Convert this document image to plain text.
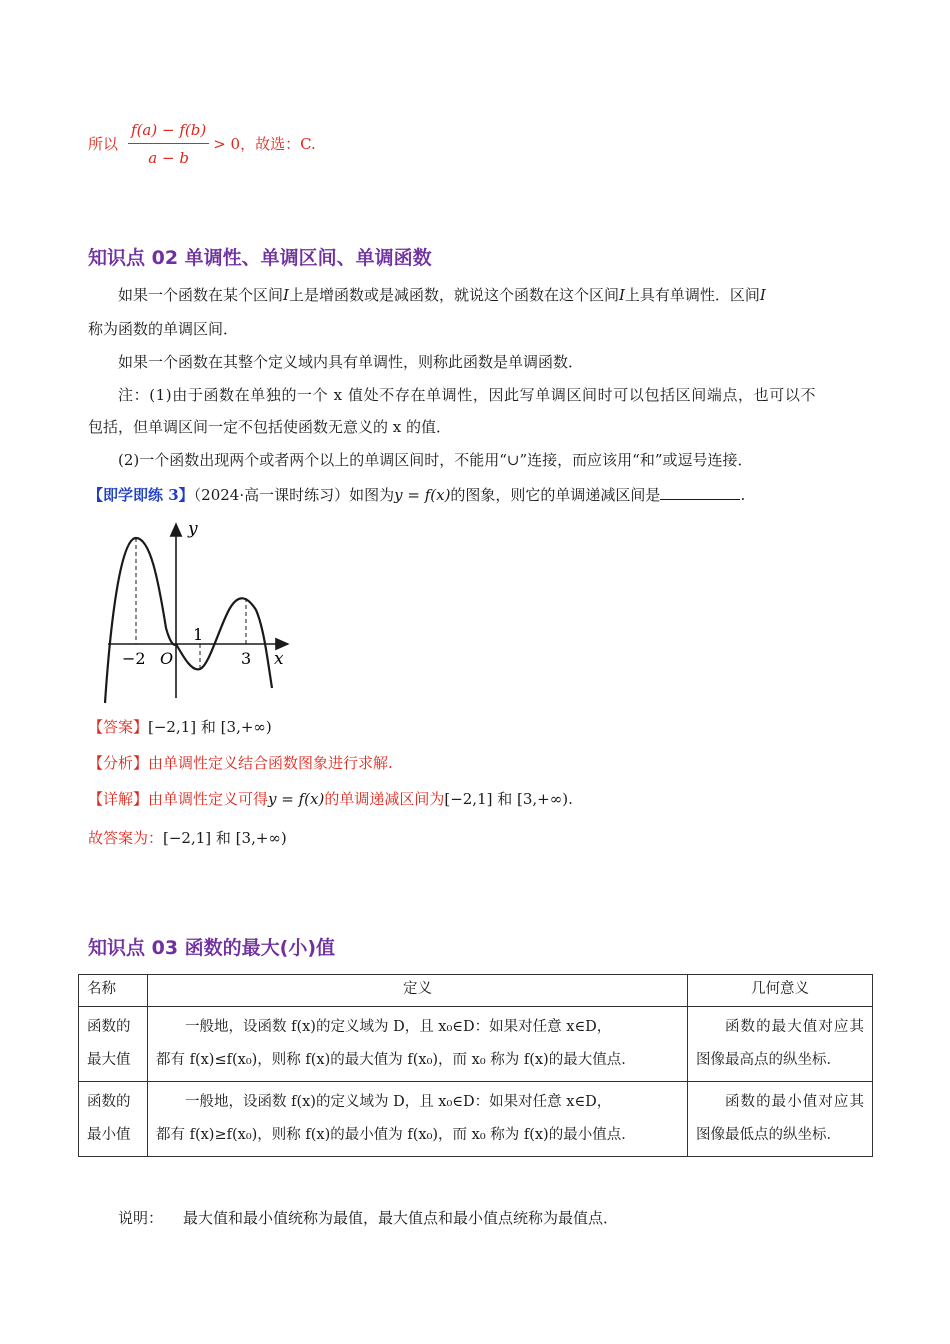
所以 $\frac{f(a) - f(b)}{a - b} > 0$ ，故选：C.
知识点 02 单调性、单调区间、单调函数
如果一个函数在某个区间I上是增函数或是减函数，就说这个函数在这个区间I上具有单调性．区间I
称为函数的单调区间．
如果一个函数在其整个定义域内具有单调性，则称此函数是单调函数．
注：(1)由于函数在单独的一个 x 值处不存在单调性，因此写单调区间时可以包括区间端点，也可以不
包括，但单调区间一定不包括使函数无意义的 x 的值．
(2)一个函数出现两个或者两个以上的单调区间时，不能用“∪”连接，而应该用“和”或逗号连接．
【即学即练 3】（2024·高一课时练习）如图为y = f(x)的图象，则它的单调递减区间是	.
y
x
O
−2
1
3
【答案】[−2,1] 和 [3,+∞)
【分析】由单调性定义结合函数图象进行求解.
【详解】由单调性定义可得y = f(x)的单调递减区间为[−2,1] 和 [3,+∞).
故答案为：[−2,1] 和 [3,+∞)
知识点 03 函数的最大(小)值
名称	定义	几何意义
函数的最大值	一般地，设函数 f(x)的定义域为 D，且 x₀∈D：如果对任意 x∈D，
都有 f(x)≤f(x₀)，则称 f(x)的最大值为 f(x₀)，而 x₀ 称为 f(x)的最大值点．	函数的最大值对应其图像最高点的纵坐标．
函数的最小值	一般地，设函数 f(x)的定义域为 D，且 x₀∈D：如果对任意 x∈D，
都有 f(x)≥f(x₀)，则称 f(x)的最小值为 f(x₀)，而 x₀ 称为 f(x)的最小值点．	函数的最小值对应其图像最低点的纵坐标．
说明： 最大值和最小值统称为最值，最大值点和最小值点统称为最值点．
